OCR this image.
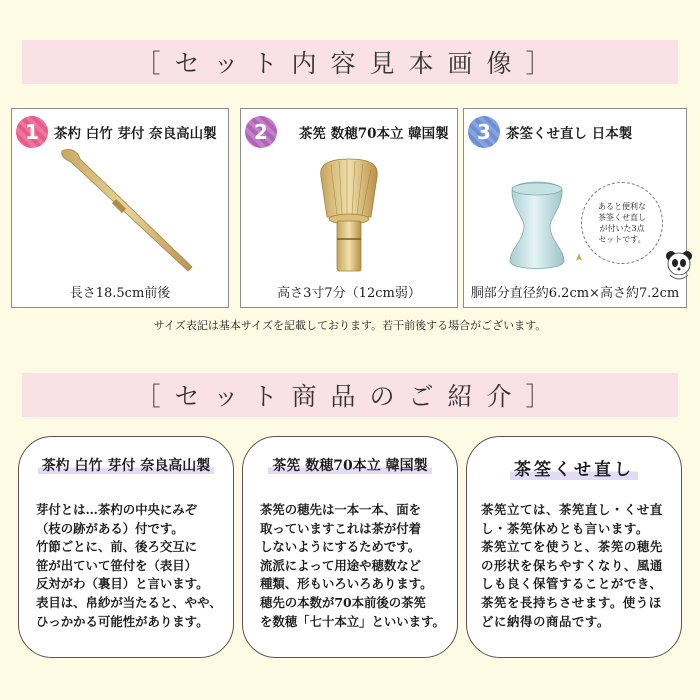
［セット内容見本画像］
1	茶杓 白竹 芽付 奈良高山製
長さ18.5cm前後
2	茶筅 数穂70本立 韓国製
高さ3寸7分（12cm弱）
3	茶筌くせ直し 日本製
あると便利な
茶筌くせ直し
が付いた3点
セットです。
胴部分直径約6.2cm×高さ約7.2cm
サイズ表記は基本サイズを記載しております。若干前後する場合がございます。
［セット商品のご紹介］
茶杓 白竹 芽付 奈良高山製
芽付とは…茶杓の中央にみぞ
（枝の跡がある）付です。
竹節ごとに、前、後ろ交互に
笹が出ていて笹付を（表目）
反対がわ（裏目）と言います。
表目は、帛紗が当たると、やや、
ひっかかる可能性があります。
茶筅 数穂70本立 韓国製
茶筅の穂先は一本一本、面を
取っていますこれは茶が付着
しないようにするためです。
流派によって用途や穂数など
種類、形もいろいろあります。
穂先の本数が70本前後の茶筅
を数穂「七十本立」といいます。
茶筌くせ直し
茶筅立ては、茶筅直し・くせ直
し・茶筅休めとも言います。
茶筅立てを使うと、茶筅の穂先
の形状を保ちやすくなり、風通
しも良く保管することができ、
茶筅を長持ちさせます。使うほ
どに納得の商品です。
